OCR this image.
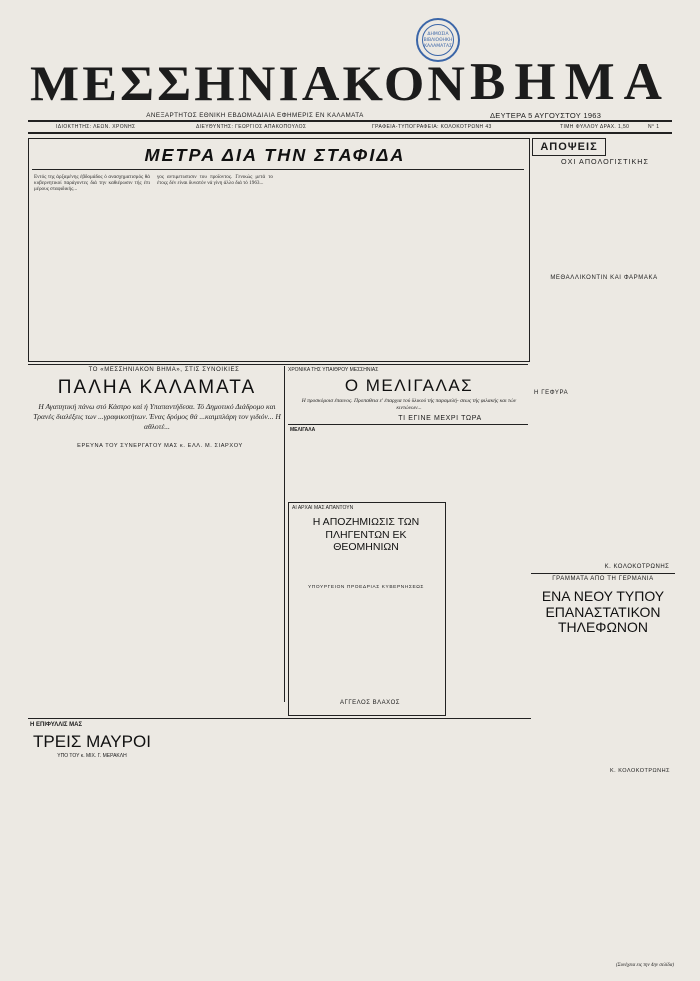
ΔΗΜΟΣΙΑ ΒΙΒΛΙΟΘΗΚΗ ΚΑΛΑΜΑΤΑΣ
ΜΕΣΣΗΝΙΑΚΟΝ ΒΗΜΑ
ΑΝΕΞΑΡΤΗΤΟΣ ΕΘΝΙΚΗ ΕΒΔΟΜΑΔΙΑΙΑ ΕΦΗΜΕΡΙΣ ΕΝ ΚΑΛΑΜΑΤΑ	ΔΕΥΤΕΡΑ 5 ΑΥΓΟΥΣΤΟΥ 1963
ΙΔΙΟΚΤΗΤΗΣ: ΛΕΩΝ. ΧΡΟΝΗΣ	ΔΙΕΥΘΥΝΤΗΣ: ΓΕΩΡΓΙΟΣ ΑΠΑΚΟΠΟΥΛΟΣ	ΓΡΑΦΕΙΑ-ΤΥΠΟΓΡΑΦΕΙΑ: ΚΟΛΟΚΟΤΡΩΝΗ 43	ΤΙΜΗ ΦΥΛΛΟΥ ΔΡΑΧ. 1,50	Ν° 1
ΜΕΤΡΑ ΔΙΑ ΤΗΝ ΣΤΑΦΙΔΑ
Εντός της άρξαμένης έβδομάδος ό ανασχηματισμός θά κυβερνητικοί παράγοντες διά την καθιέρωσιν τής έπι μέρους σταφιδικής...
γος αντιμετωπισιν του προϊοντος. Γενικώς μετά το έτοςς δέν είναι δυνατόν νά γίνη άλλο διά τό 1963...
ΑΠΟΨΕΙΣ
ΟΧΙ ΑΠΟΛΟΓΙΣΤΙΚΗΣ
ΜΕΘΑΛΛΙΚΟΝΤΙΝ ΚΑΙ ΦΑΡΜΑΚΑ
Η ΓΕΦΥΡΑ
Κ. ΚΟΛΟΚΟΤΡΩΝΗΣ
ΤΟ «ΜΕΣΣΗΝΙΑΚΟΝ ΒΗΜΑ», ΣΤΙΣ ΣΥΝΟΙΚΙΕΣ
ΠΑΛΗΑ ΚΑΛΑΜΑΤΑ
Η Αγαπητική πάνω στό Κάστρο καί ή Υπαπαντήδεσα. Τό Δημοτικό Διάδρομο και Τρανές διαλέξεις των ...γραφικοτήτων. Ένας δρόμος θά ...καιμπλάρη τον γιδιόν... Η αθλοτέ...
ΕΡΕΥΝΑ ΤΟΥ ΣΥΝΕΡΓΑΤΟΥ ΜΑΣ κ. ΕΛΛ. Μ. ΣΙΑΡΧΟΥ
ΧΡΟΝΙΚΑ ΤΗΣ ΥΠΑΙΘΡΟΥ ΜΕΣΣΗΝΙΑΣ
Ο ΜΕΛΙΓΑΛΑΣ
Η προσκόμοισ έπαινος. Προπαθεια ε' έπαρχια τού ϋλικού τής παραμελή- σεως τής φιλακής και τών κιντώνων...
ΤΙ ΕΓΙΝΕ ΜΕΧΡΙ ΤΩΡΑ
ΜΕΛΙΓΑΛΑ
ΑΙ ΑΡΧΑΙ ΜΑΣ ΑΠΑΝΤΟΥΝ
Η ΑΠΟΖΗΜΙΩΣΙΣ ΤΩΝ ΠΛΗΓΕΝΤΩΝ ΕΚ ΘΕΟΜΗΝΙΩΝ
ΥΠΟΥΡΓΕΙΟΝ ΠΡΟΕΔΡΙΑΣ ΚΥΒΕΡΝΗΣΕΩΣ
ΑΓΓΕΛΟΣ ΒΛΑΧΟΣ
ΓΡΑΜΜΑΤΑ ΑΠΟ ΤΗ ΓΕΡΜΑΝΙΑ
ΕΝΑ ΝΕΟΥ ΤΥΠΟΥ ΕΠΑΝΑΣΤΑΤΙΚΟΝ ΤΗΛΕΦΩΝΟΝ
Κ. ΚΟΛΟΚΟΤΡΩΝΗΣ
Η ΕΠΙΦΥΛΛΙΣ ΜΑΣ
ΤΡΕΙΣ ΜΑΥΡΟΙ
ΥΠΟ ΤΟΥ κ. ΜΙΧ. Γ. ΜΕΡΑΚΛΗ
(Συνέχεια εις την 4ην σελίδα)
